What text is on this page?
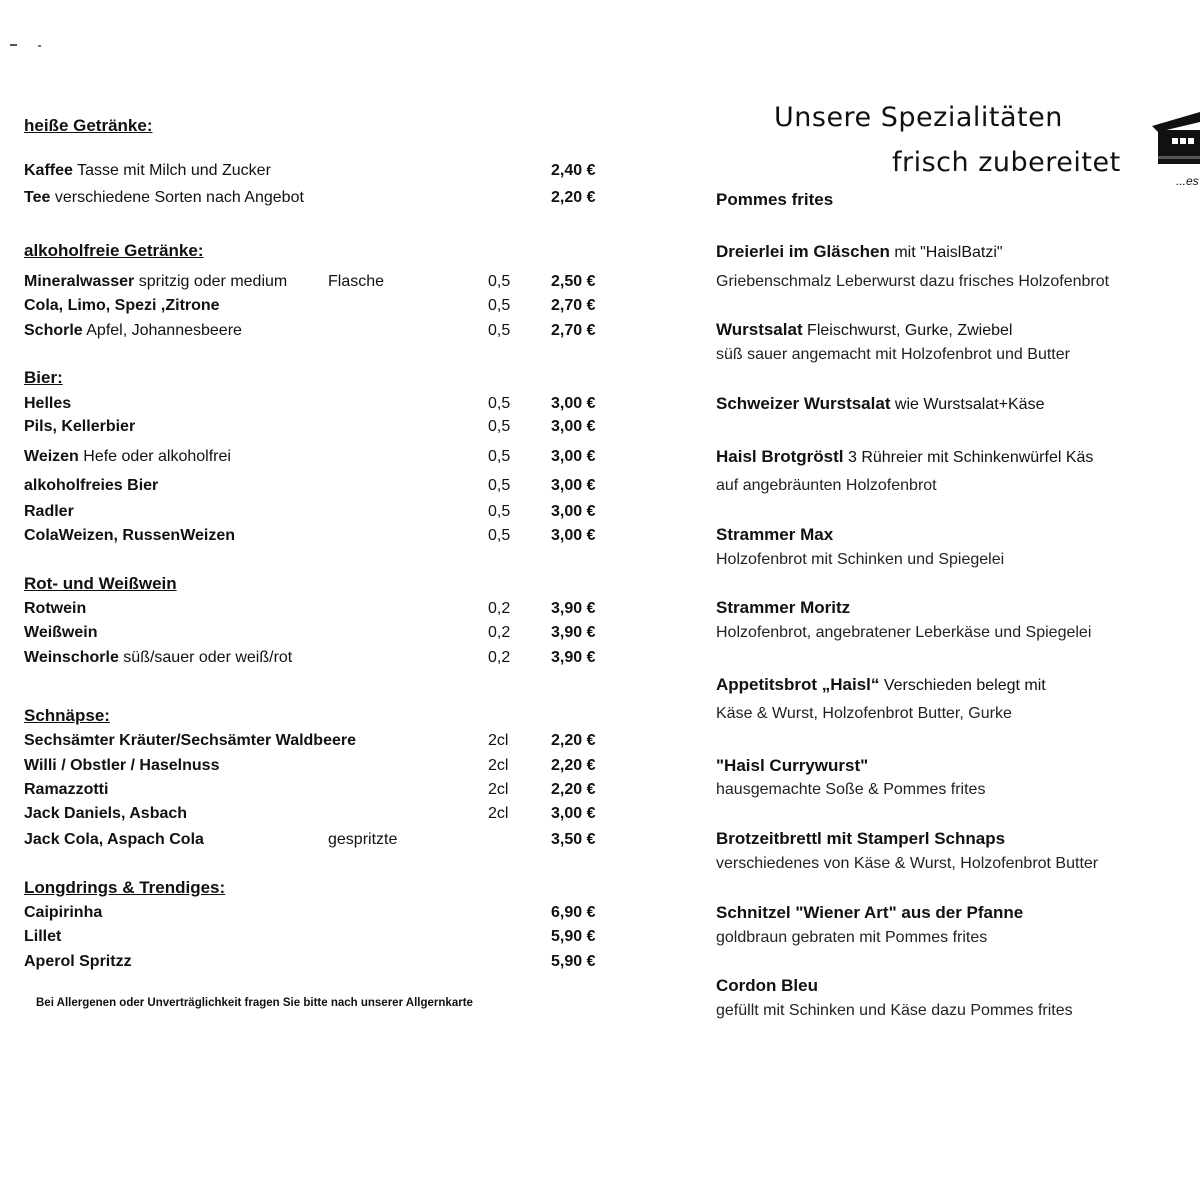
heiße Getränke:
Kaffee Tasse mit Milch und Zucker	2,40 €
Tee verschiedene Sorten nach Angebot	2,20 €
alkoholfreie Getränke:
Mineralwasser spritzig oder medium	Flasche	0,5	2,50 €
Cola, Limo, Spezi ,Zitrone	0,5	2,70 €
Schorle Apfel, Johannesbeere	0,5	2,70 €
Bier:
Helles	0,5	3,00 €
Pils, Kellerbier	0,5	3,00 €
Weizen Hefe oder alkoholfrei	0,5	3,00 €
alkoholfreies Bier	0,5	3,00 €
Radler	0,5	3,00 €
ColaWeizen, RussenWeizen	0,5	3,00 €
Rot- und Weißwein
Rotwein	0,2	3,90 €
Weißwein	0,2	3,90 €
Weinschorle süß/sauer oder weiß/rot	0,2	3,90 €
Schnäpse:
Sechsämter Kräuter/Sechsämter Waldbeere	2cl	2,20 €
Willi / Obstler / Haselnuss	2cl	2,20 €
Ramazzotti	2cl	2,20 €
Jack Daniels, Asbach	2cl	3,00 €
Jack Cola, Aspach Cola	gespritzte	3,50 €
Longdrings & Trendiges:
Caipirinha	6,90 €
Lillet	5,90 €
Aperol Spritzz	5,90 €
Bei Allergenen oder Unverträglichkeit fragen Sie bitte nach unserer Allgernkarte
Unsere Spezialitäten
frisch zubereitet
...es
Pommes frites
Dreierlei im Gläschen mit "HaislBatzi"
Griebenschmalz Leberwurst dazu frisches Holzofenbrot
Wurstsalat Fleischwurst, Gurke, Zwiebel
süß sauer angemacht mit Holzofenbrot und Butter
Schweizer Wurstsalat wie Wurstsalat+Käse
Haisl Brotgröstl 3 Rühreier mit Schinkenwürfel Käs
auf angebräunten Holzofenbrot
Strammer Max
Holzofenbrot mit Schinken und Spiegelei
Strammer Moritz
Holzofenbrot, angebratener Leberkäse und Spiegelei
Appetitsbrot „Haisl“ Verschieden belegt mit
Käse & Wurst, Holzofenbrot Butter, Gurke
"Haisl Currywurst"
hausgemachte Soße & Pommes frites
Brotzeitbrettl mit Stamperl Schnaps
verschiedenes von Käse & Wurst, Holzofenbrot Butter
Schnitzel "Wiener Art" aus der Pfanne
goldbraun gebraten mit Pommes frites
Cordon Bleu
gefüllt mit Schinken und Käse dazu Pommes frites
